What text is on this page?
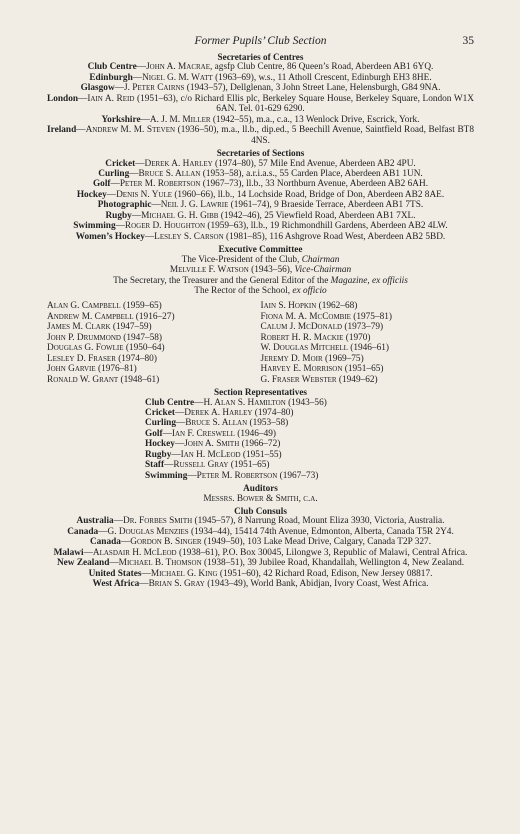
Former Pupils’ Club Section	35
Secretaries of Centres
Club Centre—John A. Macrae, agsfp Club Centre, 86 Queen’s Road, Aberdeen AB1 6YQ.
Edinburgh—Nigel G. M. Watt (1963–69), w.s., 11 Atholl Crescent, Edinburgh EH3 8HE.
Glasgow—J. Peter Cairns (1943–57), Dellglenan, 3 John Street Lane, Helensburgh, G84 9NA.
London—Iain A. Reid (1951–63), c/o Richard Ellis plc, Berkeley Square House, Berkeley Square, London W1X 6AN. Tel. 01-629 6290.
Yorkshire—A. J. M. Miller (1942–55), m.a., c.a., 13 Wenlock Drive, Escrick, York.
Ireland—Andrew M. M. Steven (1936–50), m.a., ll.b., dip.ed., 5 Beechill Avenue, Saintfield Road, Belfast BT8 4NS.
Secretaries of Sections
Cricket—Derek A. Harley (1974–80), 57 Mile End Avenue, Aberdeen AB2 4PU.
Curling—Bruce S. Allan (1953–58), a.r.i.a.s., 55 Carden Place, Aberdeen AB1 1UN.
Golf—Peter M. Robertson (1967–73), ll.b., 33 Northburn Avenue, Aberdeen AB2 6AH.
Hockey—Denis N. Yule (1960–66), ll.b., 14 Lochside Road, Bridge of Don, Aberdeen AB2 8AE.
Photographic—Neil J. G. Lawrie (1961–74), 9 Braeside Terrace, Aberdeen AB1 7TS.
Rugby—Michael G. H. Gibb (1942–46), 25 Viewfield Road, Aberdeen AB1 7XL.
Swimming—Roger D. Houghton (1959–63), ll.b., 19 Richmondhill Gardens, Aberdeen AB2 4LW.
Women’s Hockey—Lesley S. Carson (1981–85), 116 Ashgrove Road West, Aberdeen AB2 5BD.
Executive Committee
The Vice-President of the Club, Chairman
Melville F. Watson (1943–56), Vice-Chairman
The Secretary, the Treasurer and the General Editor of the Magazine, ex officiis
The Rector of the School, ex officio
Alan G. Campbell (1959–65)
Andrew M. Campbell (1916–27)
James M. Clark (1947–59)
John P. Drummond (1947–58)
Douglas G. Fowlie (1950–64)
Lesley D. Fraser (1974–80)
John Garvie (1976–81)
Ronald W. Grant (1948–61)
Iain S. Hopkin (1962–68)
Fiona M. A. McCombie (1975–81)
Calum J. McDonald (1973–79)
Robert H. R. Mackie (1970)
W. Douglas Mitchell (1946–61)
Jeremy D. Moir (1969–75)
Harvey E. Morrison (1951–65)
G. Fraser Webster (1949–62)
Section Representatives
Club Centre—H. Alan S. Hamilton (1943–56)
Cricket—Derek A. Harley (1974–80)
Curling—Bruce S. Allan (1953–58)
Golf—Ian F. Creswell (1946–49)
Hockey—John A. Smith (1966–72)
Rugby—Ian H. McLeod (1951–55)
Staff—Russell Gray (1951–65)
Swimming—Peter M. Robertson (1967–73)
Auditors
Messrs. Bower & Smith, c.a.
Club Consuls
Australia—Dr. Forbes Smith (1945–57), 8 Narrung Road, Mount Eliza 3930, Victoria, Australia.
Canada—G. Douglas Menzies (1934–44), 15414 74th Avenue, Edmonton, Alberta, Canada T5R 2Y4.
Canada—Gordon B. Singer (1949–50), 103 Lake Mead Drive, Calgary, Canada T2P 327.
Malawi—Alasdair H. McLeod (1938–61), P.O. Box 30045, Lilongwe 3, Republic of Malawi, Central Africa.
New Zealand—Michael B. Thomson (1938–51), 39 Jubilee Road, Khandallah, Wellington 4, New Zealand.
United States—Michael G. King (1951–60), 42 Richard Road, Edison, New Jersey 08817.
West Africa—Brian S. Gray (1943–49), World Bank, Abidjan, Ivory Coast, West Africa.
